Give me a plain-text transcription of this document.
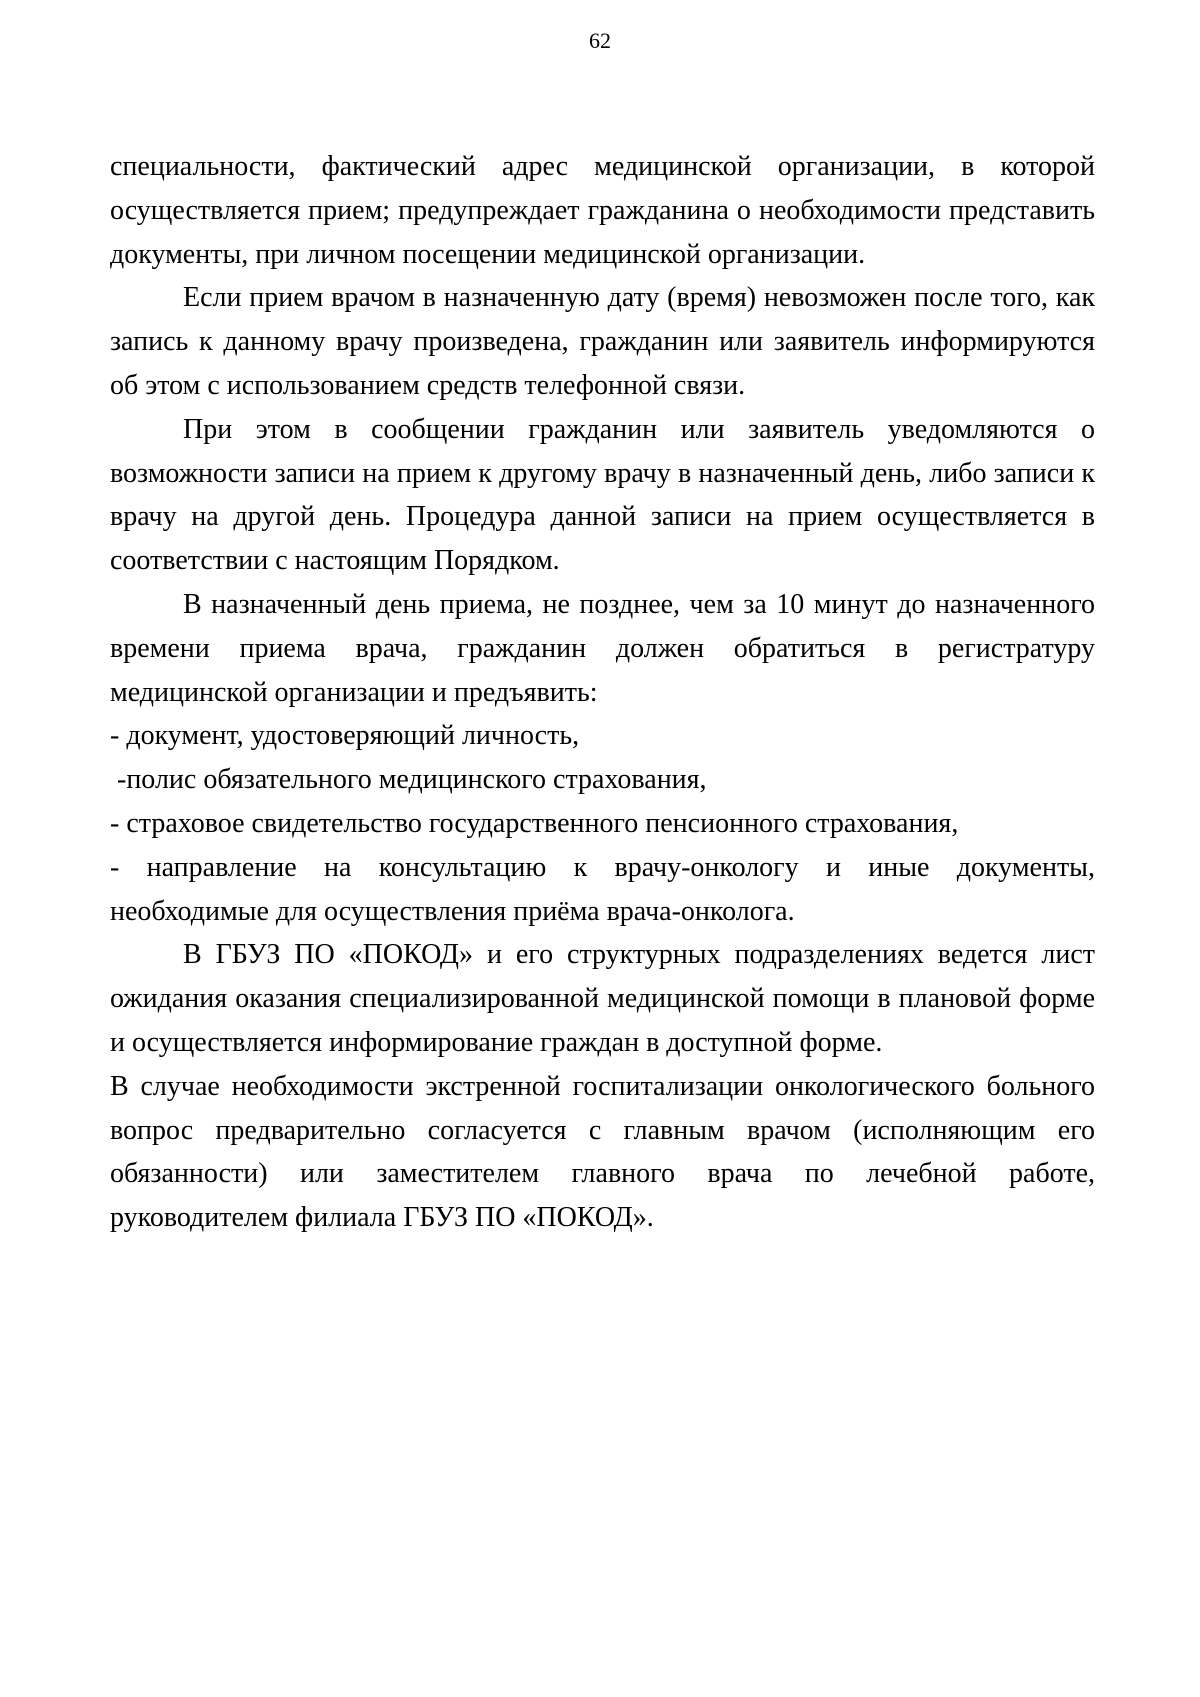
62

специальности, фактический адрес медицинской организации, в которой осуществляется прием; предупреждает гражданина о необходимости представить документы, при личном посещении медицинской организации.

Если прием врачом в назначенную дату (время) невозможен после того, как запись к данному врачу произведена, гражданин или заявитель информируются об этом с использованием средств телефонной связи.

При этом в сообщении гражданин или заявитель уведомляются о возможности записи на прием к другому врачу в назначенный день, либо записи к врачу на другой день. Процедура данной записи на прием осуществляется в соответствии с настоящим Порядком.

В назначенный день приема, не позднее, чем за 10 минут до назначенного времени приема врача, гражданин должен обратиться в регистратуру медицинской организации и предъявить:

- документ, удостоверяющий личность,

-полис обязательного медицинского страхования,

- страховое свидетельство государственного пенсионного страхования,

- направление на консультацию к врачу-онкологу и иные документы, необходимые для осуществления приёма врача-онколога.

В ГБУЗ ПО «ПОКОД» и его структурных подразделениях ведется лист ожидания оказания специализированной медицинской помощи в плановой форме и осуществляется информирование граждан в доступной форме.

В случае необходимости экстренной госпитализации онкологического больного вопрос предварительно согласуется с главным врачом (исполняющим его обязанности) или заместителем главного врача по лечебной работе, руководителем филиала ГБУЗ ПО «ПОКОД».
